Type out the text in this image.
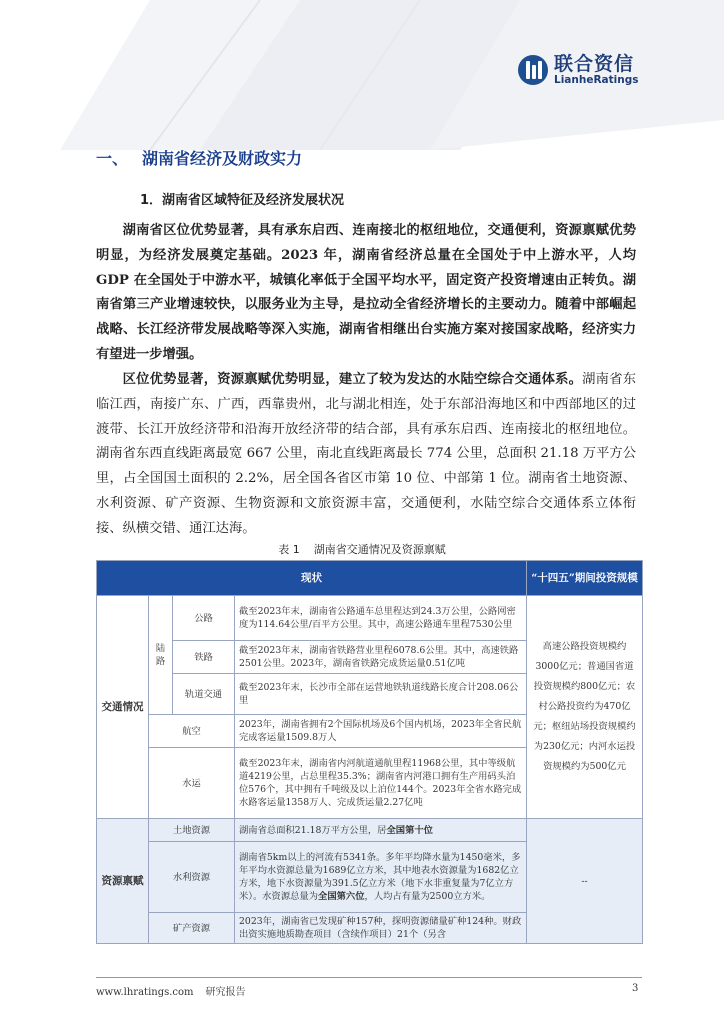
联合资信
LianheRatings
一、 湖南省经济及财政实力
1．湖南省区域特征及经济发展状况
湖南省区位优势显著，具有承东启西、连南接北的枢纽地位，交通便利，资源禀赋优势明显，为经济发展奠定基础。2023 年，湖南省经济总量在全国处于中上游水平，人均 GDP 在全国处于中游水平，城镇化率低于全国平均水平，固定资产投资增速由正转负。湖南省第三产业增速较快，以服务业为主导，是拉动全省经济增长的主要动力。随着中部崛起战略、长江经济带发展战略等深入实施，湖南省相继出台实施方案对接国家战略，经济实力有望进一步增强。
区位优势显著，资源禀赋优势明显，建立了较为发达的水陆空综合交通体系。湖南省东临江西，南接广东、广西，西靠贵州，北与湖北相连，处于东部沿海地区和中西部地区的过渡带、长江开放经济带和沿海开放经济带的结合部，具有承东启西、连南接北的枢纽地位。湖南省东西直线距离最宽 667 公里，南北直线距离最长 774 公里，总面积 21.18 万平方公里，占全国国土面积的 2.2%，居全国各省区市第 10 位、中部第 1 位。湖南省土地资源、水利资源、矿产资源、生物资源和文旅资源丰富，交通便利，水陆空综合交通体系立体衔接、纵横交错、通江达海。
表 1 湖南省交通情况及资源禀赋
现状				“十四五”期间投资规模
交通情况	陆路	公路	截至2023年末，湖南省公路通车总里程达到24.3万公里，公路网密度为114.64公里/百平方公里。其中，高速公路通车里程7530公里	高速公路投资规模约3000亿元；普通国省道投资规模约800亿元；农村公路投资约为470亿元；枢纽站场投资规模约为230亿元；内河水运投资规模约为500亿元
		铁路	截至2023年末，湖南省铁路营业里程6078.6公里。其中，高速铁路2501公里。2023年，湖南省铁路完成货运量0.51亿吨	
		轨道交通	截至2023年末，长沙市全部在运营地铁轨道线路长度合计208.06公里	
	航空		2023年，湖南省拥有2个国际机场及6个国内机场，2023年全省民航完成客运量1509.8万人	
	水运		截至2023年末，湖南省内河航道通航里程11968公里，其中等级航道4219公里，占总里程35.3%；湖南省内河港口拥有生产用码头泊位576个，其中拥有千吨级及以上泊位144个。2023年全省水路完成水路客运量1358万人、完成货运量2.27亿吨	
资源禀赋	土地资源		湖南省总面积21.18万平方公里，居全国第十位	--
	水利资源		湖南省5km以上的河流有5341条。多年平均降水量为1450毫米，多年平均水资源总量为1689亿立方米，其中地表水资源量为1682亿立方米，地下水资源量为391.5亿立方米（地下水非重复量为7亿立方米）。水资源总量为全国第六位，人均占有量为2500立方米。	
	矿产资源		2023年，湖南省已发现矿种157种，探明资源储量矿种124种。财政出资实施地质勘查项目（含续作项目）21个（另含	
www.lhratings.com 研究报告	3
